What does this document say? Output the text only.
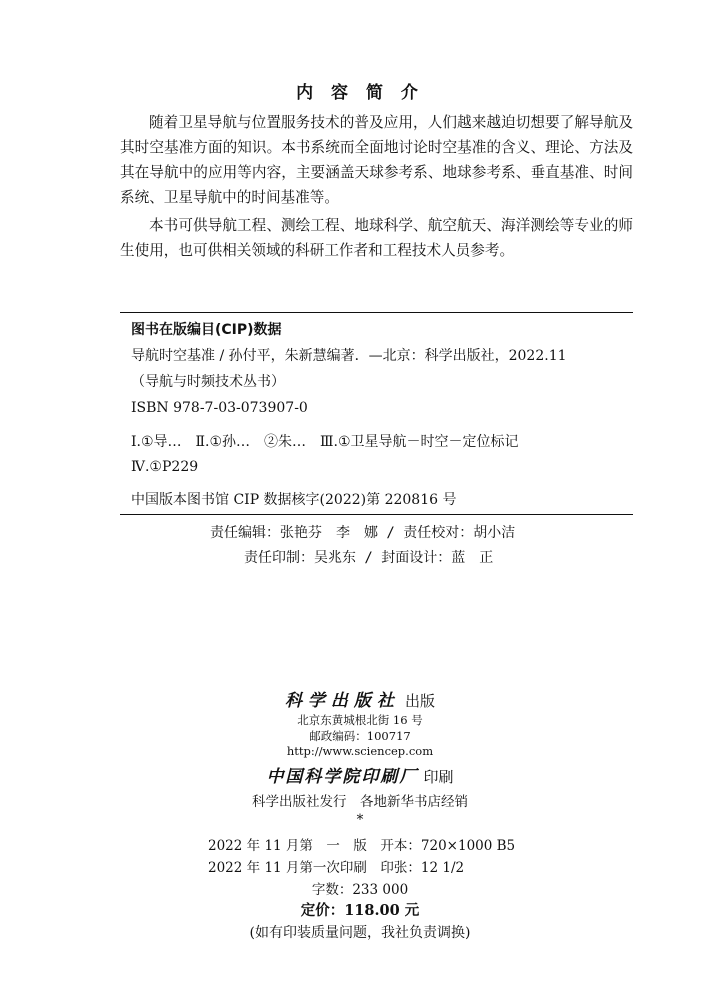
内 容 简 介

随着卫星导航与位置服务技术的普及应用，人们越来越迫切想要了解导航及其时空基准方面的知识。本书系统而全面地讨论时空基准的含义、理论、方法及其在导航中的应用等内容，主要涵盖天球参考系、地球参考系、垂直基准、时间系统、卫星导航中的时间基准等。

本书可供导航工程、测绘工程、地球科学、航空航天、海洋测绘等专业的师生使用，也可供相关领域的科研工作者和工程技术人员参考。

图书在版编目(CIP)数据
导航时空基准 / 孙付平，朱新慧编著．—北京：科学出版社，2022.11
（导航与时频技术丛书）
ISBN 978-7-03-073907-0
Ⅰ.①导…　Ⅱ.①孙…　②朱…　Ⅲ.①卫星导航－时空－定位标记
Ⅳ.①P229
中国版本图书馆 CIP 数据核字(2022)第 220816 号
责任编辑：张艳芬　李　娜 / 责任校对：胡小洁
责任印制：吴兆东 / 封面设计：蓝　正
科学出版社 出版
北京东黄城根北街 16 号
邮政编码：100717
http://www.sciencep.com
中国科学院印刷厂 印刷
科学出版社发行　各地新华书店经销
*
2022 年 11 月第　一　版　开本：720×1000 B5
2022 年 11 月第一次印刷　印张：12 1/2
字数：233 000
定价：118.00 元
(如有印装质量问题，我社负责调换)
